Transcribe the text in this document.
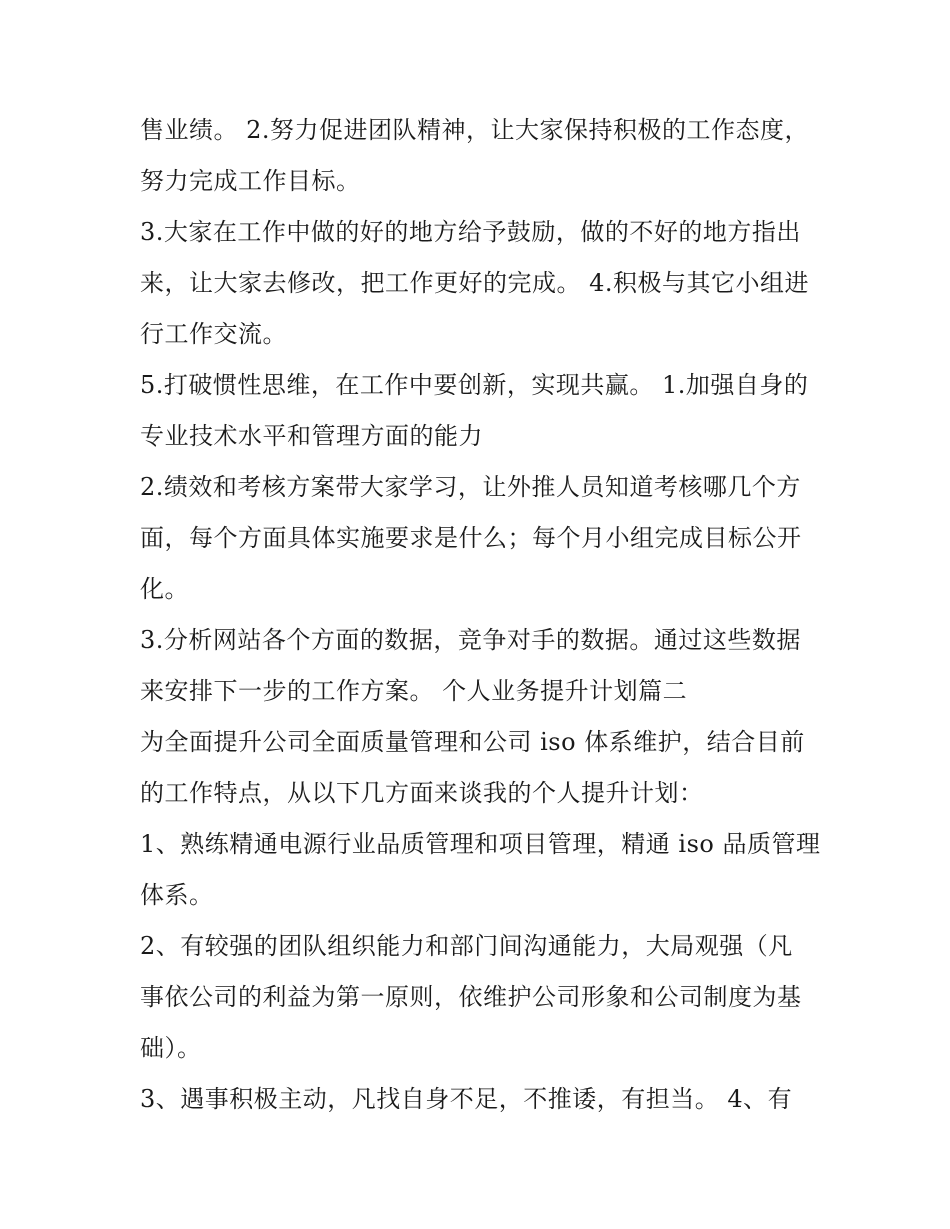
售业绩。 2.努力促进团队精神，让大家保持积极的工作态度，
努力完成工作目标。
3.大家在工作中做的好的地方给予鼓励，做的不好的地方指出
来，让大家去修改，把工作更好的完成。 4.积极与其它小组进
行工作交流。
5.打破惯性思维，在工作中要创新，实现共赢。 1.加强自身的
专业技术水平和管理方面的能力
2.绩效和考核方案带大家学习，让外推人员知道考核哪几个方
面，每个方面具体实施要求是什么；每个月小组完成目标公开
化。
3.分析网站各个方面的数据，竞争对手的数据。通过这些数据
来安排下一步的工作方案。 个人业务提升计划篇二
为全面提升公司全面质量管理和公司 iso 体系维护，结合目前
的工作特点，从以下几方面来谈我的个人提升计划：
1、熟练精通电源行业品质管理和项目管理，精通 iso 品质管理
体系。
2、有较强的团队组织能力和部门间沟通能力，大局观强（凡
事依公司的利益为第一原则，依维护公司形象和公司制度为基
础）。
3、遇事积极主动，凡找自身不足，不推诿，有担当。 4、有
